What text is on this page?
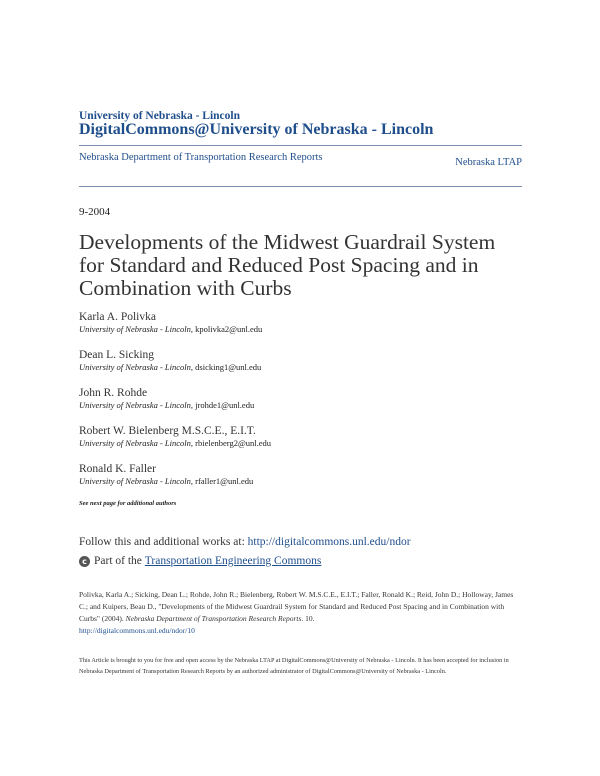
University of Nebraska - Lincoln
DigitalCommons@University of Nebraska - Lincoln
Nebraska Department of Transportation Research Reports	Nebraska LTAP
9-2004
Developments of the Midwest Guardrail System for Standard and Reduced Post Spacing and in Combination with Curbs
Karla A. Polivka
University of Nebraska - Lincoln, kpolivka2@unl.edu
Dean L. Sicking
University of Nebraska - Lincoln, dsicking1@unl.edu
John R. Rohde
University of Nebraska - Lincoln, jrohde1@unl.edu
Robert W. Bielenberg M.S.C.E., E.I.T.
University of Nebraska - Lincoln, rbielenberg2@unl.edu
Ronald K. Faller
University of Nebraska - Lincoln, rfaller1@unl.edu
See next page for additional authors
Follow this and additional works at: http://digitalcommons.unl.edu/ndor
c Part of the
Transportation Engineering Commons
Polivka, Karla A.; Sicking, Dean L.; Rohde, John R.; Bielenberg, Robert W. M.S.C.E., E.I.T.; Faller, Ronald K.; Reid, John D.; Holloway, James C.; and Kuipers, Beau D., "Developments of the Midwest Guardrail System for Standard and Reduced Post Spacing and in Combination with Curbs" (2004). Nebraska Department of Transportation Research Reports. 10.
http://digitalcommons.unl.edu/ndor/10
This Article is brought to you for free and open access by the Nebraska LTAP at DigitalCommons@University of Nebraska - Lincoln. It has been accepted for inclusion in Nebraska Department of Transportation Research Reports by an authorized administrator of DigitalCommons@University of Nebraska - Lincoln.
